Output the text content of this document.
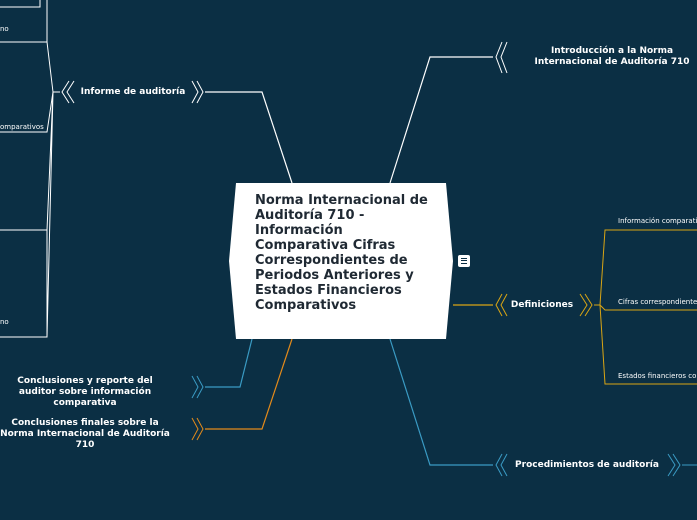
Norma Internacional de Auditoría 710 - Información Comparativa Cifras Correspondientes de Periodos Anteriores y Estados Financieros Comparativos
Introducción a la Norma Internacional de Auditoría 710
Informe de auditoría
Definiciones
Procedimientos de auditoría
Conclusiones y reporte del auditor sobre información comparativa
Conclusiones finales sobre la Norma Internacional de Auditoría 710
Información comparati
Cifras correspondiente
Estados financieros co
no
omparativos
no
